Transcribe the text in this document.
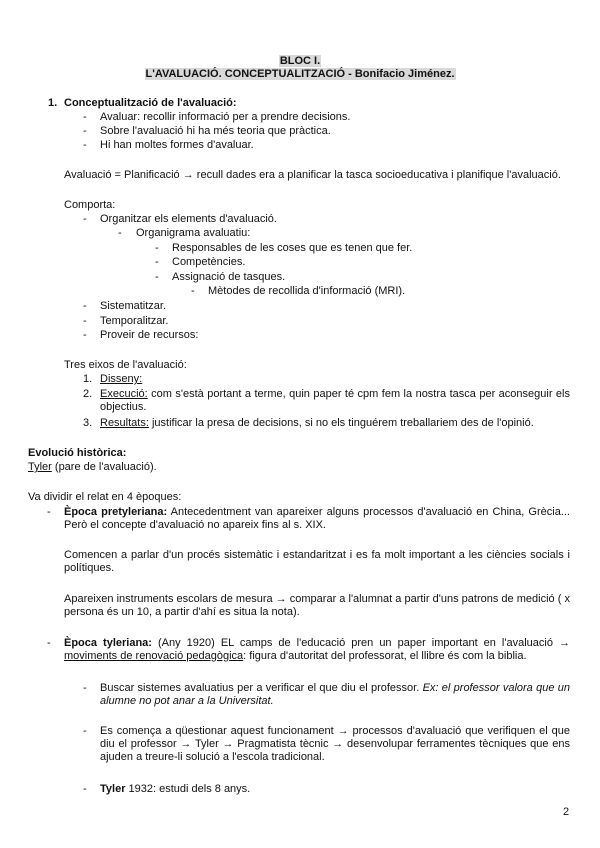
BLOC I.
L'AVALUACIÓ. CONCEPTUALITZACIÓ - Bonifacio Jiménez.
1. Conceptualització de l'avaluació:
- Avaluar: recollir informació per a prendre decisions.
- Sobre l'avaluació hi ha més teoria que pràctica.
- Hi han moltes formes d'avaluar.
Avaluació = Planificació → recull dades era a planificar la tasca socioeducativa i planifique l'avaluació.
Comporta:
- Organitzar els elements d'avaluació.
- Organigrama avaluatiu:
- Responsables de les coses que es tenen que fer.
- Competències.
- Assignació de tasques.
- Mètodes de recollida d'informació (MRI).
- Sistematitzar.
- Temporalitzar.
- Proveir de recursos:
Tres eixos de l'avaluació:
1. Disseny:
2. Execució: com s'està portant a terme, quin paper té cpm fem la nostra tasca per aconseguir els objectius.
3. Resultats: justificar la presa de decisions, si no els tinguérem treballariem des de l'opinió.
Evolució històrica:
Tyler (pare de l'avaluació).
Va dividir el relat en 4 èpoques:
- Època pretyleriana: Antecedentment van apareixer alguns processos d'avaluació en China, Grècia... Però el concepte d'avaluació no apareix fins al s. XIX.
Comencen a parlar d'un procés sistemàtic i estandaritzat i es fa molt important a les ciències socials i polítiques.
Apareixen instruments escolars de mesura → comparar a l'alumnat a partir d'uns patrons de medició ( x persona és un 10, a partir d'ahí es situa la nota).
- Època tyleriana: (Any 1920) EL camps de l'educació pren un paper important en l'avaluació → moviments de renovació pedagògica: figura d'autoritat del professorat, el llibre és com la biblia.
- Buscar sistemes avaluatius per a verificar el que diu el professor. Ex: el professor valora que un alumne no pot anar a la Universitat.
- Es comença a qüestionar aquest funcionament → processos d'avaluació que verifiquen el que diu el professor → Tyler → Pragmatista tècnic → desenvolupar ferramentes tècniques que ens ajuden a treure-li solució a l'escola tradicional.
- Tyler 1932: estudi dels 8 anys.
2
